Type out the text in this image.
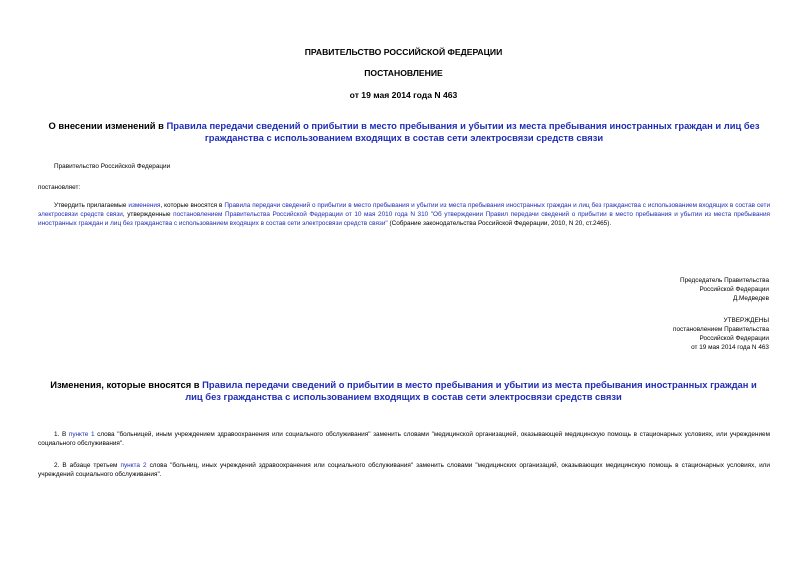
ПРАВИТЕЛЬСТВО РОССИЙСКОЙ ФЕДЕРАЦИИ
ПОСТАНОВЛЕНИЕ
от 19 мая 2014 года N 463
О внесении изменений в Правила передачи сведений о прибытии в место пребывания и убытии из места пребывания иностранных граждан и лиц без гражданства с использованием входящих в состав сети электросвязи средств связи
Правительство Российской Федерации
постановляет:
Утвердить прилагаемые изменения, которые вносятся в Правила передачи сведений о прибытии в место пребывания и убытии из места пребывания иностранных граждан и лиц без гражданства с использованием входящих в состав сети электросвязи средств связи, утвержденные постановлением Правительства Российской Федерации от 10 мая 2010 года N 310 "Об утверждении Правил передачи сведений о прибытии в место пребывания и убытии из места пребывания иностранных граждан и лиц без гражданства с использованием входящих в состав сети электросвязи средств связи" (Собрание законодательства Российской Федерации, 2010, N 20, ст.2465).
Председатель Правительства
Российской Федерации
Д.Медведев
УТВЕРЖДЕНЫ
постановлением Правительства
Российской Федерации
от 19 мая 2014 года N 463
Изменения, которые вносятся в Правила передачи сведений о прибытии в место пребывания и убытии из места пребывания иностранных граждан и лиц без гражданства с использованием входящих в состав сети электросвязи средств связи
1. В пункте 1 слова "больницей, иным учреждением здравоохранения или социального обслуживания" заменить словами "медицинской организацией, оказывающей медицинскую помощь в стационарных условиях, или учреждением социального обслуживания".
2. В абзаце третьем пункта 2 слова "больниц, иных учреждений здравоохранения или социального обслуживания" заменить словами "медицинских организаций, оказывающих медицинскую помощь в стационарных условиях, или учреждений социального обслуживания".
